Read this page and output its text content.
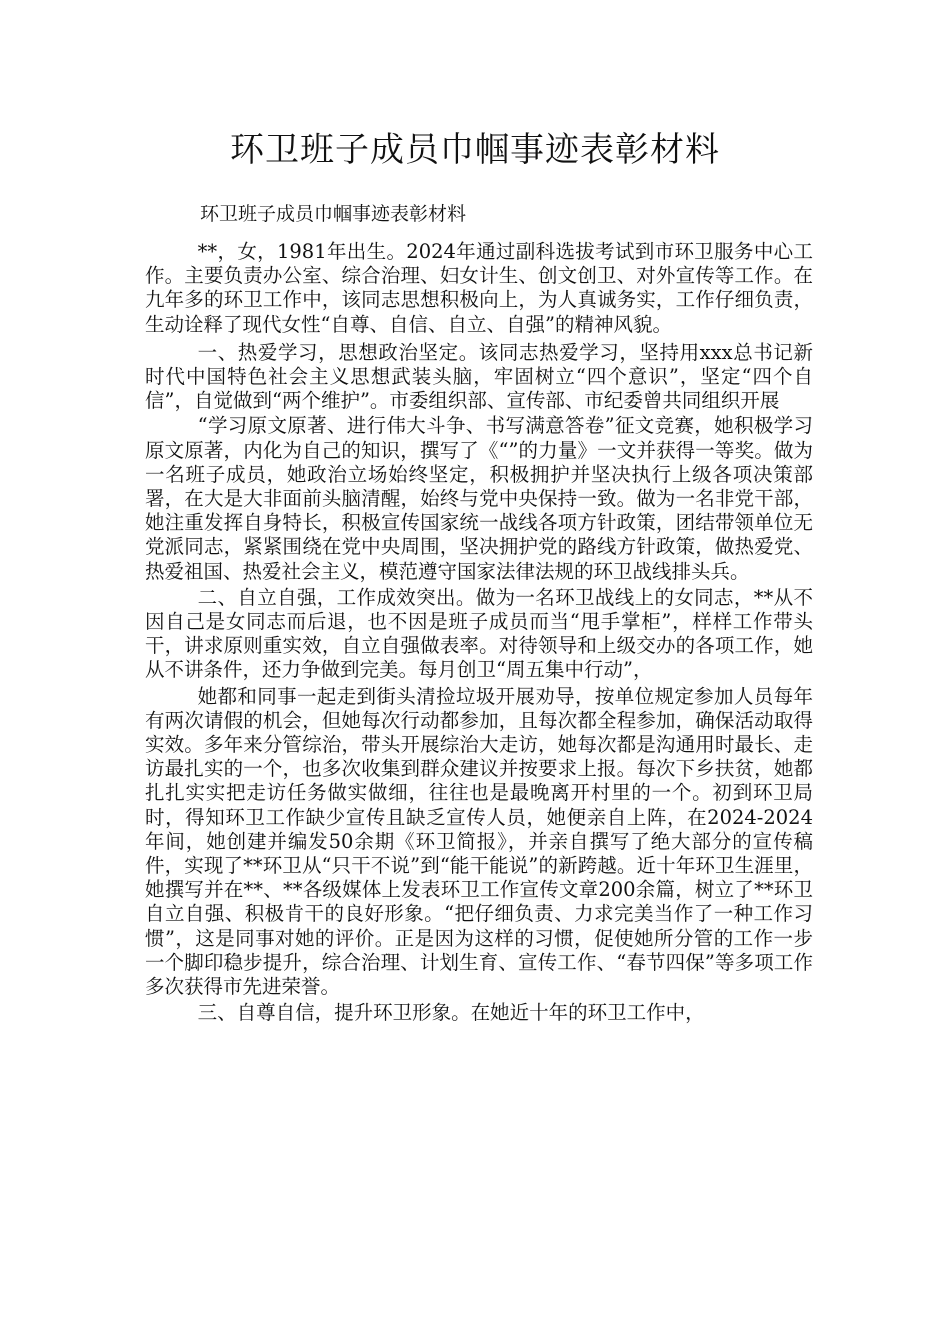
环卫班子成员巾帼事迹表彰材料

环卫班子成员巾帼事迹表彰材料

**，女，1981年出生。2024年通过副科选拔考试到市环卫服务中心工作。主要负责办公室、综合治理、妇女计生、创文创卫、对外宣传等工作。在九年多的环卫工作中，该同志思想积极向上，为人真诚务实，工作仔细负责，生动诠释了现代女性“自尊、自信、自立、自强”的精神风貌。

一、热爱学习，思想政治坚定。该同志热爱学习，坚持用xxx总书记新时代中国特色社会主义思想武装头脑，牢固树立“四个意识”，坚定“四个自信”，自觉做到“两个维护”。市委组织部、宣传部、市纪委曾共同组织开展

“学习原文原著、进行伟大斗争、书写满意答卷”征文竞赛，她积极学习原文原著，内化为自己的知识，撰写了《“”的力量》一文并获得一等奖。做为一名班子成员，她政治立场始终坚定，积极拥护并坚决执行上级各项决策部署，在大是大非面前头脑清醒，始终与党中央保持一致。做为一名非党干部，她注重发挥自身特长，积极宣传国家统一战线各项方针政策，团结带领单位无党派同志，紧紧围绕在党中央周围，坚决拥护党的路线方针政策，做热爱党、热爱祖国、热爱社会主义，模范遵守国家法律法规的环卫战线排头兵。

二、自立自强，工作成效突出。做为一名环卫战线上的女同志，**从不因自己是女同志而后退，也不因是班子成员而当“甩手掌柜”，样样工作带头干，讲求原则重实效，自立自强做表率。对待领导和上级交办的各项工作，她从不讲条件，还力争做到完美。每月创卫“周五集中行动”，

她都和同事一起走到街头清捡垃圾开展劝导，按单位规定参加人员每年有两次请假的机会，但她每次行动都参加，且每次都全程参加，确保活动取得实效。多年来分管综治，带头开展综治大走访，她每次都是沟通用时最长、走访最扎实的一个，也多次收集到群众建议并按要求上报。每次下乡扶贫，她都扎扎实实把走访任务做实做细，往往也是最晚离开村里的一个。初到环卫局时，得知环卫工作缺少宣传且缺乏宣传人员，她便亲自上阵，在2024-2024年间，她创建并编发50余期《环卫简报》，并亲自撰写了绝大部分的宣传稿件，实现了**环卫从“只干不说”到“能干能说”的新跨越。近十年环卫生涯里，她撰写并在**、**各级媒体上发表环卫工作宣传文章200余篇，树立了**环卫自立自强、积极肯干的良好形象。“把仔细负责、力求完美当作了一种工作习惯”，这是同事对她的评价。正是因为这样的习惯，促使她所分管的工作一步一个脚印稳步提升，综合治理、计划生育、宣传工作、“春节四保”等多项工作多次获得市先进荣誉。

三、自尊自信，提升环卫形象。在她近十年的环卫工作中，
